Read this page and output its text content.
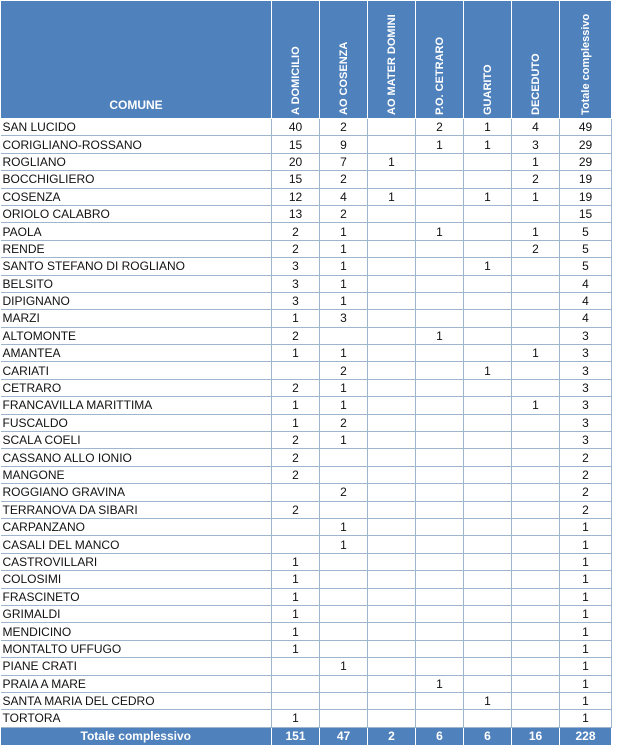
COMUNE	A DOMICILIO	AO COSENZA	AO MATER DOMINI	P.O. CETRARO	GUARITO	DECEDUTO	Totale complessivo

SAN LUCIDO	40	2		2	1	4	49
CORIGLIANO-ROSSANO	15	9		1	1	3	29
ROGLIANO	20	7	1			1	29
BOCCHIGLIERO	15	2				2	19
COSENZA	12	4	1		1	1	19
ORIOLO CALABRO	13	2					15
PAOLA	2	1		1		1	5
RENDE	2	1				2	5
SANTO STEFANO DI ROGLIANO	3	1			1		5
BELSITO	3	1					4
DIPIGNANO	3	1					4
MARZI	1	3					4
ALTOMONTE	2			1			3
AMANTEA	1	1				1	3
CARIATI		2			1		3
CETRARO	2	1					3
FRANCAVILLA MARITTIMA	1	1				1	3
FUSCALDO	1	2					3
SCALA COELI	2	1					3
CASSANO ALLO IONIO	2						2
MANGONE	2						2
ROGGIANO GRAVINA		2					2
TERRANOVA DA SIBARI	2						2
CARPANZANO		1					1
CASALI DEL MANCO		1					1
CASTROVILLARI	1						1
COLOSIMI	1						1
FRASCINETO	1						1
GRIMALDI	1						1
MENDICINO	1						1
MONTALTO UFFUGO	1						1
PIANE CRATI		1					1
PRAIA A MARE				1			1
SANTA MARIA DEL CEDRO					1		1
TORTORA	1						1
Totale complessivo	151	47	2	6	6	16	228
